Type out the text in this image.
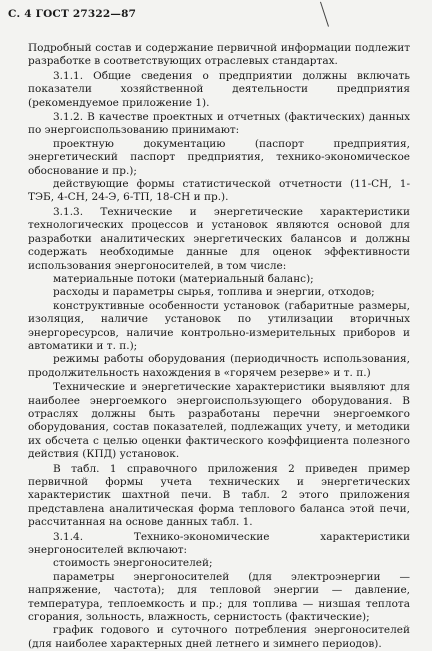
С. 4 ГОСТ 27322—87

Подробный состав и содержание первичной информации подлежит разработке в соответствующих отраслевых стандартах.

3.1.1. Общие сведения о предприятии должны включать показатели хозяйственной деятельности предприятия (рекомендуемое приложение 1).

3.1.2. В качестве проектных и отчетных (фактических) данных по энергоиспользованию принимают:

проектную документацию (паспорт предприятия, энергетический паспорт предприятия, технико-экономическое обоснование и пр.);

действующие формы статистической отчетности (11-СН, 1-ТЭБ, 4-СН, 24-Э, 6-ТП, 18-СН и пр.).

3.1.3. Технические и энергетические характеристики технологических процессов и установок являются основой для разработки аналитических энергетических балансов и должны содержать необходимые данные для оценок эффективности использования энергоносителей, в том числе:

материальные потоки (материальный баланс);

расходы и параметры сырья, топлива и энергии, отходов;

конструктивные особенности установок (габаритные размеры, изоляция, наличие установок по утилизации вторичных энергоресурсов, наличие контрольно-измерительных приборов и автоматики и т. п.);

режимы работы оборудования (периодичность использования, продолжительность нахождения в «горячем резерве» и т. п.)

Технические и энергетические характеристики выявляют для наиболее энергоемкого энергоиспользующего оборудования. В отраслях должны быть разработаны перечни энергоемкого оборудования, состав показателей, подлежащих учету, и методики их обсчета с целью оценки фактического коэффициента полезного действия (КПД) установок.

В табл. 1 справочного приложения 2 приведен пример первичной формы учета технических и энергетических характеристик шахтной печи. В табл. 2 этого приложения представлена аналитическая форма теплового баланса этой печи, рассчитанная на основе данных табл. 1.

3.1.4. Технико-экономические характеристики энергоносителей включают:

стоимость энергоносителей;

параметры энергоносителей (для электроэнергии — напряжение, частота); для тепловой энергии — давление, температура, теплоемкость и пр.; для топлива — низшая теплота сгорания, зольность, влажность, сернистость (фактические);

график годового и суточного потребления энергоносителей (для наиболее характерных дней летнего и зимнего периодов).
